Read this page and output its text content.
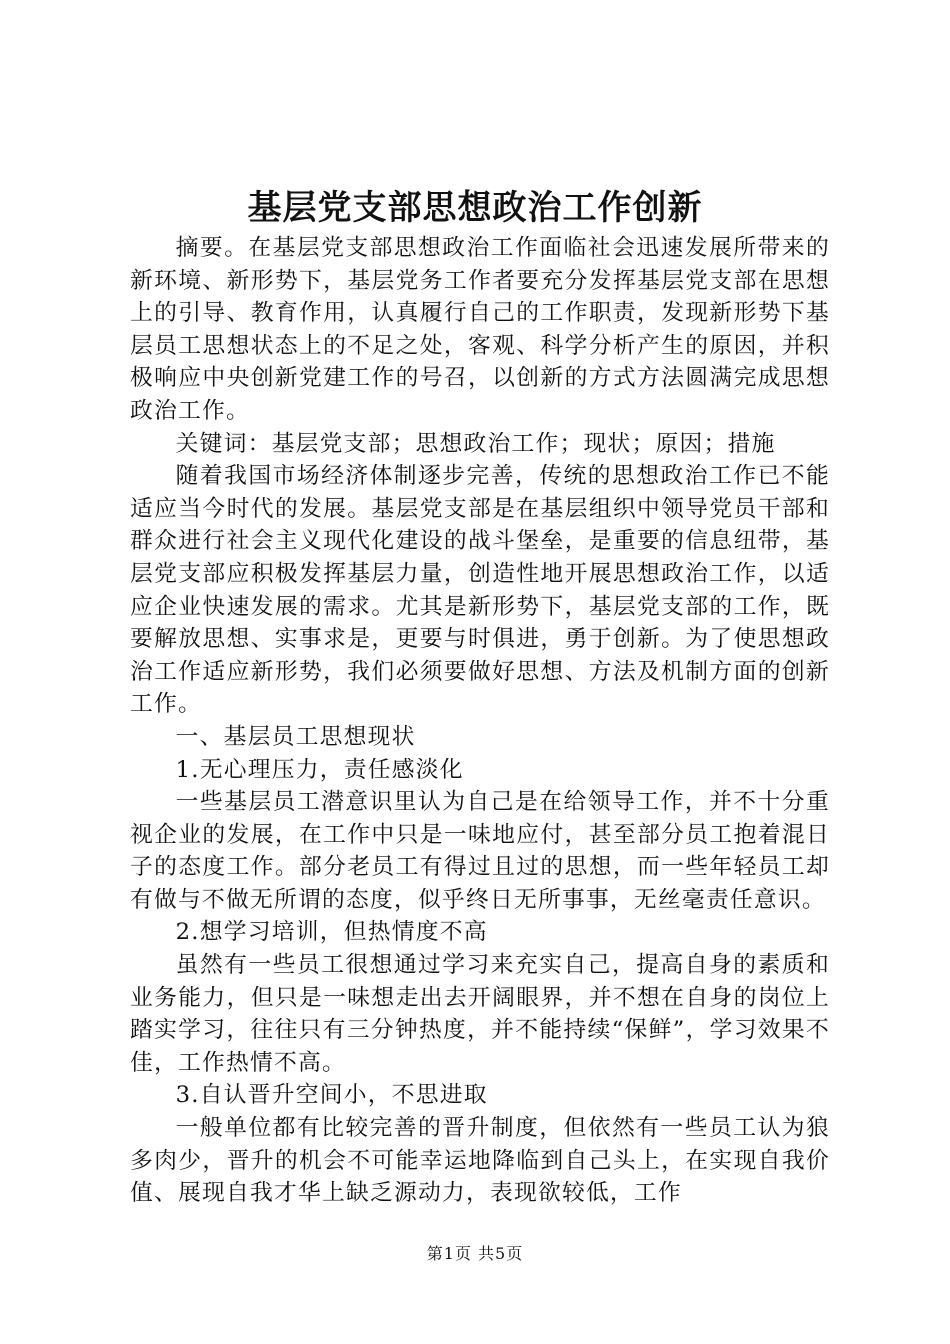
基层党支部思想政治工作创新

摘要。在基层党支部思想政治工作面临社会迅速发展所带来的新环境、新形势下，基层党务工作者要充分发挥基层党支部在思想上的引导、教育作用，认真履行自己的工作职责，发现新形势下基层员工思想状态上的不足之处，客观、科学分析产生的原因，并积极响应中央创新党建工作的号召，以创新的方式方法圆满完成思想政治工作。

关键词：基层党支部；思想政治工作；现状；原因；措施

随着我国市场经济体制逐步完善，传统的思想政治工作已不能适应当今时代的发展。基层党支部是在基层组织中领导党员干部和群众进行社会主义现代化建设的战斗堡垒，是重要的信息纽带，基层党支部应积极发挥基层力量，创造性地开展思想政治工作，以适应企业快速发展的需求。尤其是新形势下，基层党支部的工作，既要解放思想、实事求是，更要与时俱进，勇于创新。为了使思想政治工作适应新形势，我们必须要做好思想、方法及机制方面的创新工作。

一、基层员工思想现状

1.无心理压力，责任感淡化

一些基层员工潜意识里认为自己是在给领导工作，并不十分重视企业的发展，在工作中只是一味地应付，甚至部分员工抱着混日子的态度工作。部分老员工有得过且过的思想，而一些年轻员工却有做与不做无所谓的态度，似乎终日无所事事，无丝毫责任意识。

2.想学习培训，但热情度不高

虽然有一些员工很想通过学习来充实自己，提高自身的素质和业务能力，但只是一味想走出去开阔眼界，并不想在自身的岗位上踏实学习，往往只有三分钟热度，并不能持续“保鲜”，学习效果不佳，工作热情不高。

3.自认晋升空间小，不思进取

一般单位都有比较完善的晋升制度，但依然有一些员工认为狼多肉少，晋升的机会不可能幸运地降临到自己头上，在实现自我价值、展现自我才华上缺乏源动力，表现欲较低，工作

第1页 共5页
